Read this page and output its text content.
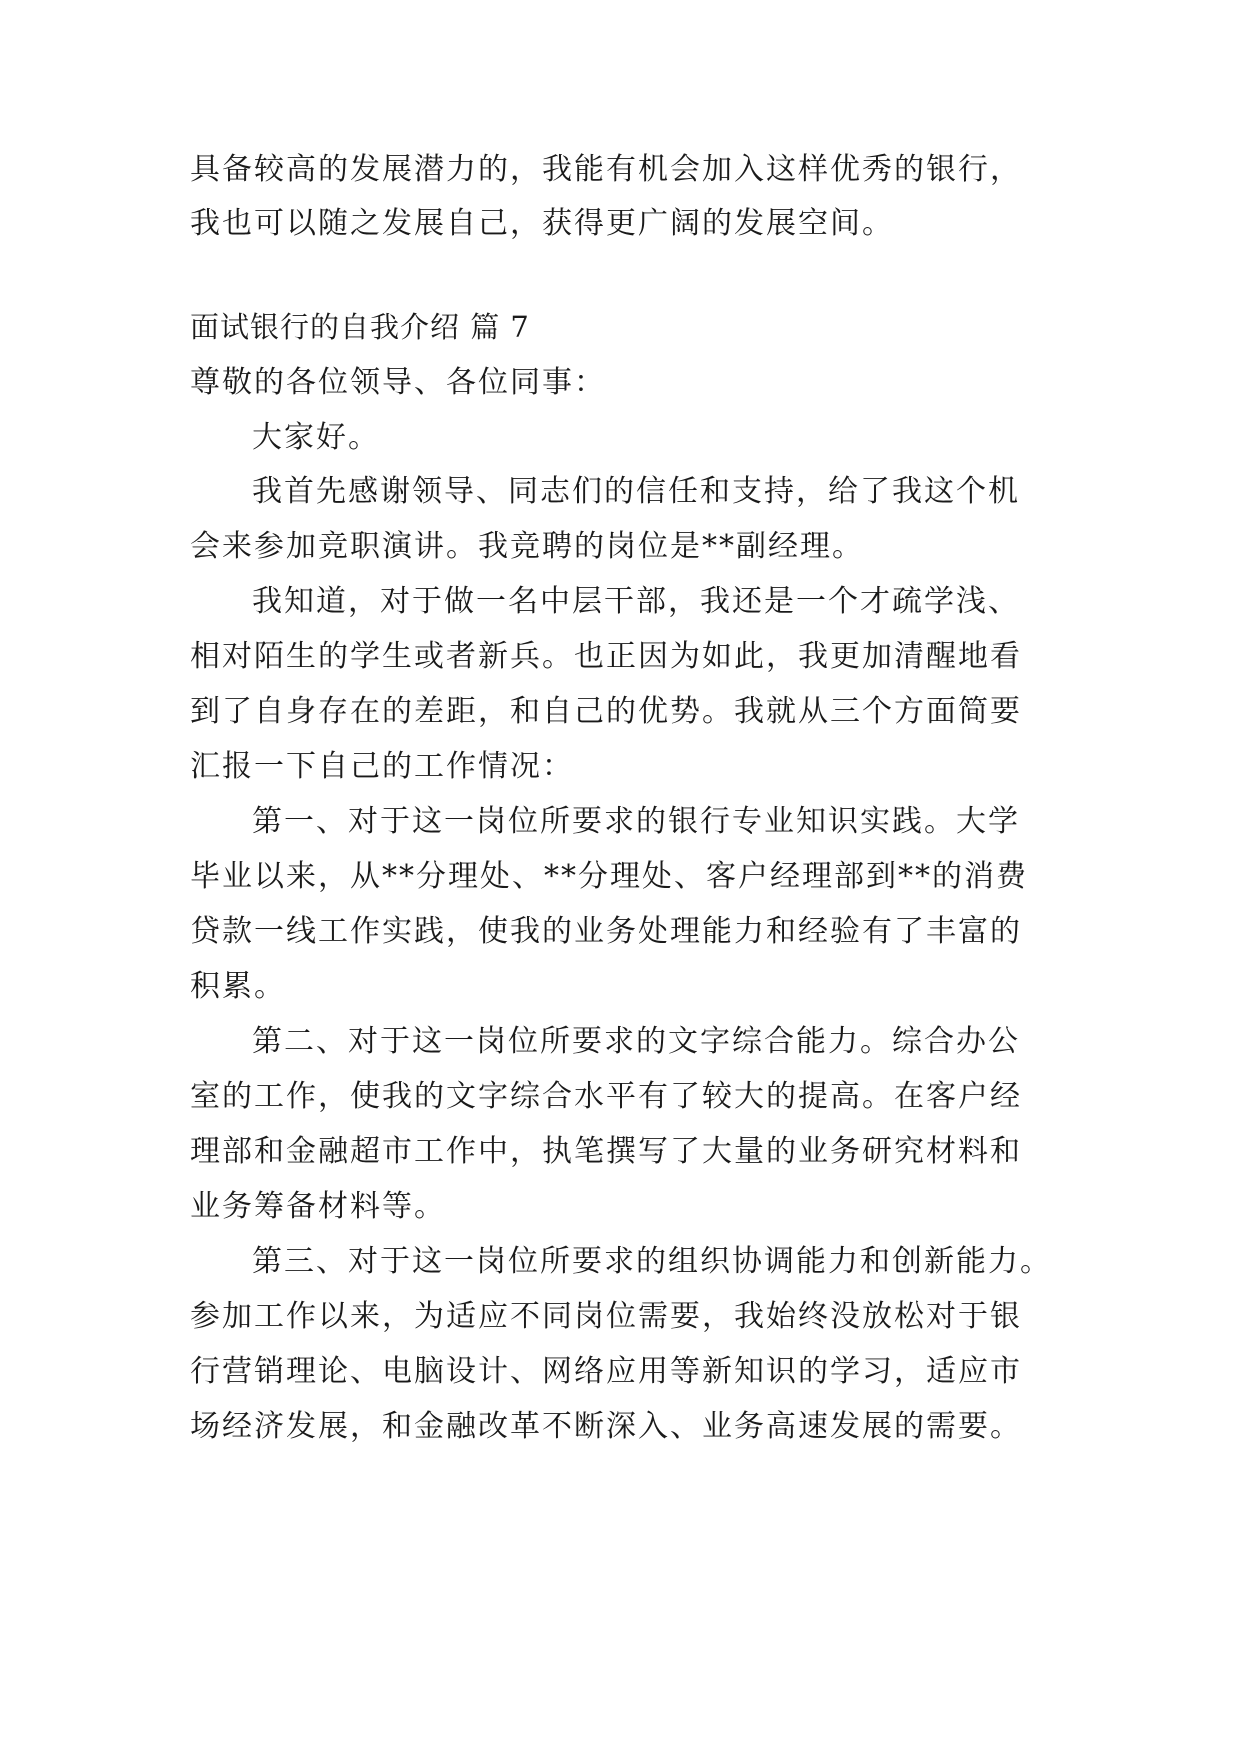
具备较高的发展潜力的，我能有机会加入这样优秀的银行，
我也可以随之发展自己，获得更广阔的发展空间。
面试银行的自我介绍 篇 7
尊敬的各位领导、各位同事：
大家好。
我首先感谢领导、同志们的信任和支持，给了我这个机
会来参加竞职演讲。我竞聘的岗位是**副经理。
我知道，对于做一名中层干部，我还是一个才疏学浅、
相对陌生的学生或者新兵。也正因为如此，我更加清醒地看
到了自身存在的差距，和自己的优势。我就从三个方面简要
汇报一下自己的工作情况：
第一、对于这一岗位所要求的银行专业知识实践。大学
毕业以来，从**分理处、**分理处、客户经理部到**的消费
贷款一线工作实践，使我的业务处理能力和经验有了丰富的
积累。
第二、对于这一岗位所要求的文字综合能力。综合办公
室的工作，使我的文字综合水平有了较大的提高。在客户经
理部和金融超市工作中，执笔撰写了大量的业务研究材料和
业务筹备材料等。
第三、对于这一岗位所要求的组织协调能力和创新能力。
参加工作以来，为适应不同岗位需要，我始终没放松对于银
行营销理论、电脑设计、网络应用等新知识的学习，适应市
场经济发展，和金融改革不断深入、业务高速发展的需要。
